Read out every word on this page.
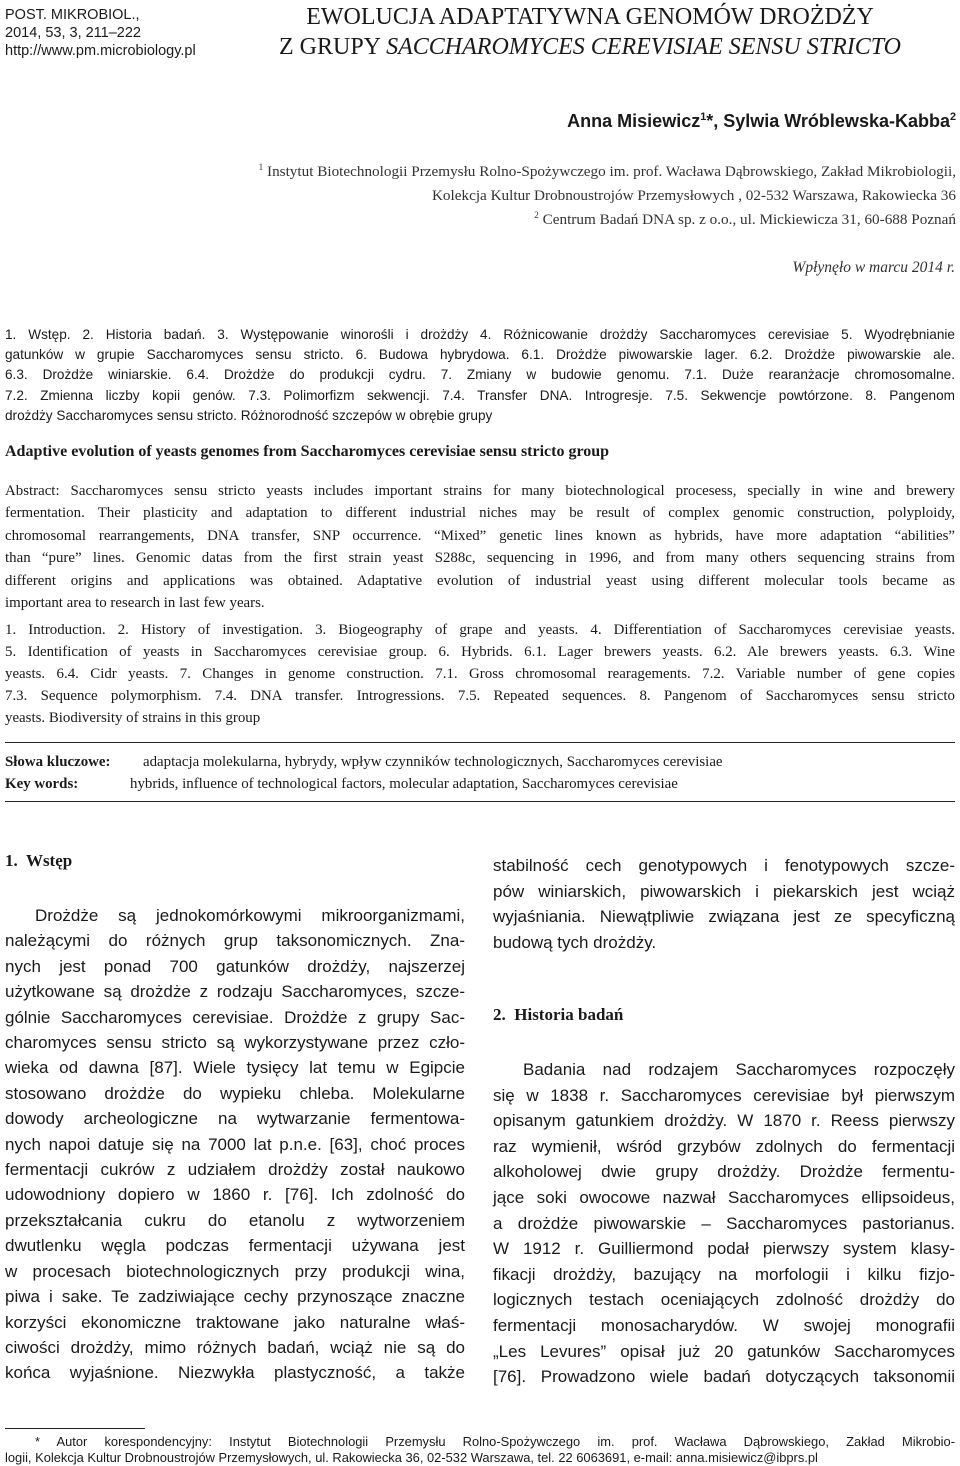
POST. MIKROBIOL.,
2014, 53, 3, 211–222
http://www.pm.microbiology.pl
EWOLUCJA ADAPTATYWNA GENOMÓW DROŻDŻY
Z GRUPY SACCHAROMYCES CEREVISIAE SENSU STRICTO
Anna Misiewicz$^1$*, Sylwia Wróblewska-Kabba$^2$
$^1$ Instytut Biotechnologii Przemysłu Rolno-Spożywczego im. prof. Wacława Dąbrowskiego, Zakład Mikrobiologii,
Kolekcja Kultur Drobnoustrojów Przemysłowych , 02-532 Warszawa, Rakowiecka 36
$^2$ Centrum Badań DNA sp. z o.o., ul. Mickiewicza 31, 60-688 Poznań
Wpłynęło w marcu 2014 r.
1. Wstęp. 2. Historia badań. 3. Występowanie winorośli i drożdży 4. Różnicowanie drożdży Saccharomyces cerevisiae 5. Wyodrębnianie
gatunków w grupie Saccharomyces sensu stricto. 6. Budowa hybrydowa. 6.1. Drożdże piwowarskie lager. 6.2. Drożdże piwowarskie ale.
6.3. Drożdże winiarskie. 6.4. Drożdże do produkcji cydru. 7. Zmiany w budowie genomu. 7.1. Duże rearanżacje chromosomalne.
7.2. Zmienna liczby kopii genów. 7.3. Polimorfizm sekwencji. 7.4. Transfer DNA. Introgresje. 7.5. Sekwencje powtórzone. 8. Pangenom
drożdży Saccharomyces sensu stricto. Różnorodność szczepów w obrębie grupy
Adaptive evolution of yeasts genomes from Saccharomyces cerevisiae sensu stricto group
Abstract: Saccharomyces sensu stricto yeasts includes important strains for many biotechnological procesess, specially in wine and brewery
fermentation. Their plasticity and adaptation to different industrial niches may be result of complex genomic construction, polyploidy,
chromosomal rearrangements, DNA transfer, SNP occurrence. “Mixed” genetic lines known as hybrids, have more adaptation “abilities”
than “pure” lines. Genomic datas from the first strain yeast S288c, sequencing in 1996, and from many others sequencing strains from
different origins and applications was obtained. Adaptative evolution of industrial yeast using different molecular tools became as
important area to research in last few years.
1. Introduction. 2. History of investigation. 3. Biogeography of grape and yeasts. 4. Differentiation of Saccharomyces cerevisiae yeasts.
5. Identification of yeasts in Saccharomyces cerevisiae group. 6. Hybrids. 6.1. Lager brewers yeasts. 6.2. Ale brewers yeasts. 6.3. Wine
yeasts. 6.4. Cidr yeasts. 7. Changes in genome construction. 7.1. Gross chromosomal rearagements. 7.2. Variable number of gene copies
7.3. Sequence polymorphism. 7.4. DNA transfer. Introgressions. 7.5. Repeated sequences. 8. Pangenom of Saccharomyces sensu stricto
yeasts. Biodiversity of strains in this group
Słowa kluczowe: adaptacja molekularna, hybrydy, wpływ czynników technologicznych, Saccharomyces cerevisiae
Key words:	hybrids, influence of technological factors, molecular adaptation, Saccharomyces cerevisiae
1.  Wstęp
Drożdże są jednokomórkowymi mikroorganizmami,
należącymi do różnych grup taksonomicznych. Zna-
nych jest ponad 700 gatunków drożdży, najszerzej
użytkowane są drożdże z rodzaju Saccharomyces, szcze-
gólnie Saccharomyces cerevisiae. Drożdże z grupy Sac-
charomyces sensu stricto są wykorzystywane przez czło-
wieka od dawna [87]. Wiele tysięcy lat temu w Egipcie
stosowano drożdże do wypieku chleba. Molekularne
dowody archeologiczne na wytwarzanie fermentowa-
nych napoi datuje się na 7000 lat p.n.e. [63], choć proces
fermentacji cukrów z udziałem drożdży został naukowo
udowodniony dopiero w 1860 r. [76]. Ich zdolność do
przekształcania cukru do etanolu z wytworzeniem
dwutlenku węgla podczas fermentacji używana jest
w procesach biotechnologicznych przy produkcji wina,
piwa i sake. Te zadziwiające cechy przynoszące znaczne
korzyści ekonomiczne traktowane jako naturalne właś-
ciwości drożdży, mimo różnych badań, wciąż nie są do
końca wyjaśnione. Niezwykła plastyczność, a także
stabilność cech genotypowych i fenotypowych szcze-
pów winiarskich, piwowarskich i piekarskich jest wciąż
wyjaśniania. Niewątpliwie związana jest ze specyficzną
budową tych drożdży.
2.  Historia badań
Badania nad rodzajem Saccharomyces rozpoczęły
się w 1838 r. Saccharomyces cerevisiae był pierwszym
opisanym gatunkiem drożdży. W 1870 r. Reess pierwszy
raz wymienił, wśród grzybów zdolnych do fermentacji
alkoholowej dwie grupy drożdży. Drożdże fermentu-
jące soki owocowe nazwał Saccharomyces ellipsoideus,
a drożdże piwowarskie – Saccharomyces pastorianus.
W 1912 r. Guilliermond podał pierwszy system klasy-
fikacji drożdży, bazujący na morfologii i kilku fizjo-
logicznych testach oceniających zdolność drożdży do
fermentacji monosacharydów. W swojej monografii
„Les Levures” opisał już 20 gatunków Saccharomyces
[76]. Prowadzono wiele badań dotyczących taksonomii
* Autor korespondencyjny: Instytut Biotechnologii Przemysłu Rolno-Spożywczego im. prof. Wacława Dąbrowskiego, Zakład Mikrobio-
logii, Kolekcja Kultur Drobnoustrojów Przemysłowych, ul. Rakowiecka 36, 02-532 Warszawa, tel. 22 6063691, e-mail: anna.misiewicz@ibprs.pl
